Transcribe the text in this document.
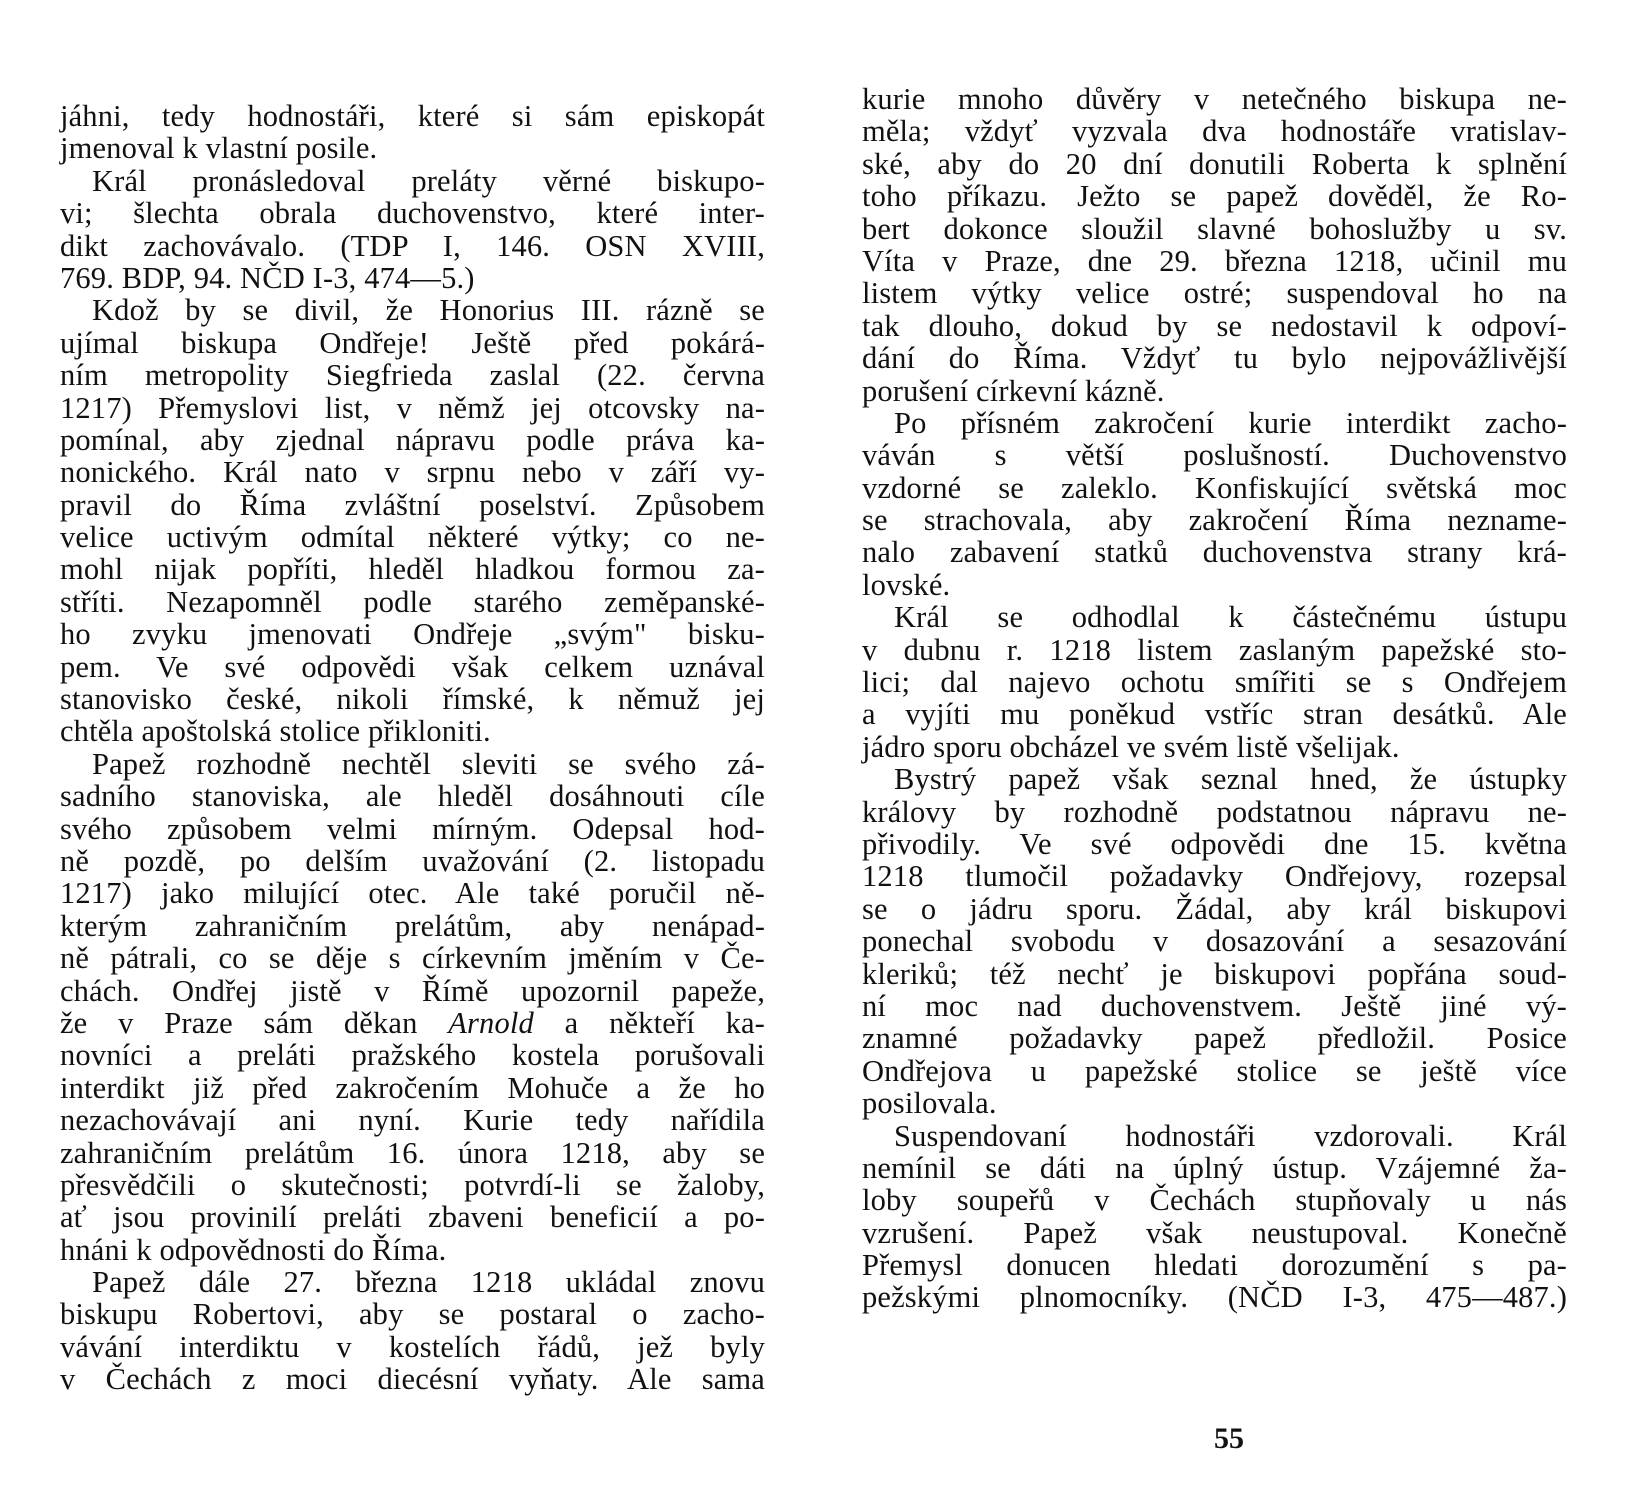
jáhni, tedy hodnostáři, které si sám episkopát
jmenoval k vlastní posile.
Král pronásledoval preláty věrné biskupo-
vi; šlechta obrala duchovenstvo, které inter-
dikt zachovávalo. (TDP I, 146. OSN XVIII,
769. BDP, 94. NČD I-3, 474—5.)
Kdož by se divil, že Honorius III. rázně se
ujímal biskupa Ondřeje! Ještě před pokárá-
ním metropolity Siegfrieda zaslal (22. června
1217) Přemyslovi list, v němž jej otcovsky na-
pomínal, aby zjednal nápravu podle práva ka-
nonického. Král nato v srpnu nebo v září vy-
pravil do Říma zvláštní poselství. Způsobem
velice uctivým odmítal některé výtky; co ne-
mohl nijak popříti, hleděl hladkou formou za-
stříti. Nezapomněl podle starého zeměpanské-
ho zvyku jmenovati Ondřeje „svým" bisku-
pem. Ve své odpovědi však celkem uznával
stanovisko české, nikoli římské, k němuž jej
chtěla apoštolská stolice přikloniti.
Papež rozhodně nechtěl sleviti se svého zá-
sadního stanoviska, ale hleděl dosáhnouti cíle
svého způsobem velmi mírným. Odepsal hod-
ně pozdě, po delším uvažování (2. listopadu
1217) jako milující otec. Ale také poručil ně-
kterým zahraničním prelátům, aby nenápad-
ně pátrali, co se děje s církevním jměním v Če-
chách. Ondřej jistě v Římě upozornil papeže,
že v Praze sám děkan Arnold a někteří ka-
novníci a preláti pražského kostela porušovali
interdikt již před zakročením Mohuče a že ho
nezachovávají ani nyní. Kurie tedy nařídila
zahraničním prelátům 16. února 1218, aby se
přesvědčili o skutečnosti; potvrdí-li se žaloby,
ať jsou provinilí preláti zbaveni beneficií a po-
hnáni k odpovědnosti do Říma.
Papež dále 27. března 1218 ukládal znovu
biskupu Robertovi, aby se postaral o zacho-
vávání interdiktu v kostelích řádů, jež byly
v Čechách z moci diecésní vyňaty. Ale sama
kurie mnoho důvěry v netečného biskupa ne-
měla; vždyť vyzvala dva hodnostáře vratislav-
ské, aby do 20 dní donutili Roberta k splnění
toho příkazu. Ježto se papež dověděl, že Ro-
bert dokonce sloužil slavné bohoslužby u sv.
Víta v Praze, dne 29. března 1218, učinil mu
listem výtky velice ostré; suspendoval ho na
tak dlouho, dokud by se nedostavil k odpoví-
dání do Říma. Vždyť tu bylo nejpovážlivější
porušení církevní kázně.
Po přísném zakročení kurie interdikt zacho-
váván s větší poslušností. Duchovenstvo
vzdorné se zaleklo. Konfiskující světská moc
se strachovala, aby zakročení Říma neznamе-
nalo zabavení statků duchovenstva strany krá-
lovské.
Král se odhodlal k částečnému ústupu
v dubnu r. 1218 listem zaslaným papežské sto-
lici; dal najevo ochotu smířiti se s Ondřejem
a vyjíti mu poněkud vstříc stran desátků. Ale
jádro sporu obcházel ve svém listě všelijak.
Bystrý papež však seznal hned, že ústupky
královy by rozhodně podstatnou nápravu ne-
přivodily. Ve své odpovědi dne 15. května
1218 tlumočil požadavky Ondřejovy, rozepsal
se o jádru sporu. Žádal, aby král biskupovi
ponechal svobodu v dosazování a sesazování
kleriků; též nechť je biskupovi popřána soud-
ní moc nad duchovenstvem. Ještě jiné vý-
znamné požadavky papež předložil. Posice
Ondřejova u papežské stolice se ještě více
posilovala.
Suspendovaní hodnostáři vzdorovali. Král
nemínil se dáti na úplný ústup. Vzájemné ža-
loby soupeřů v Čechách stupňovaly u nás
vzrušení. Papež však neustupoval. Konečně
Přemysl donucen hledati dorozumění s pa-
pežskými plnomocníky. (NČD I-3, 475—487.)
55
